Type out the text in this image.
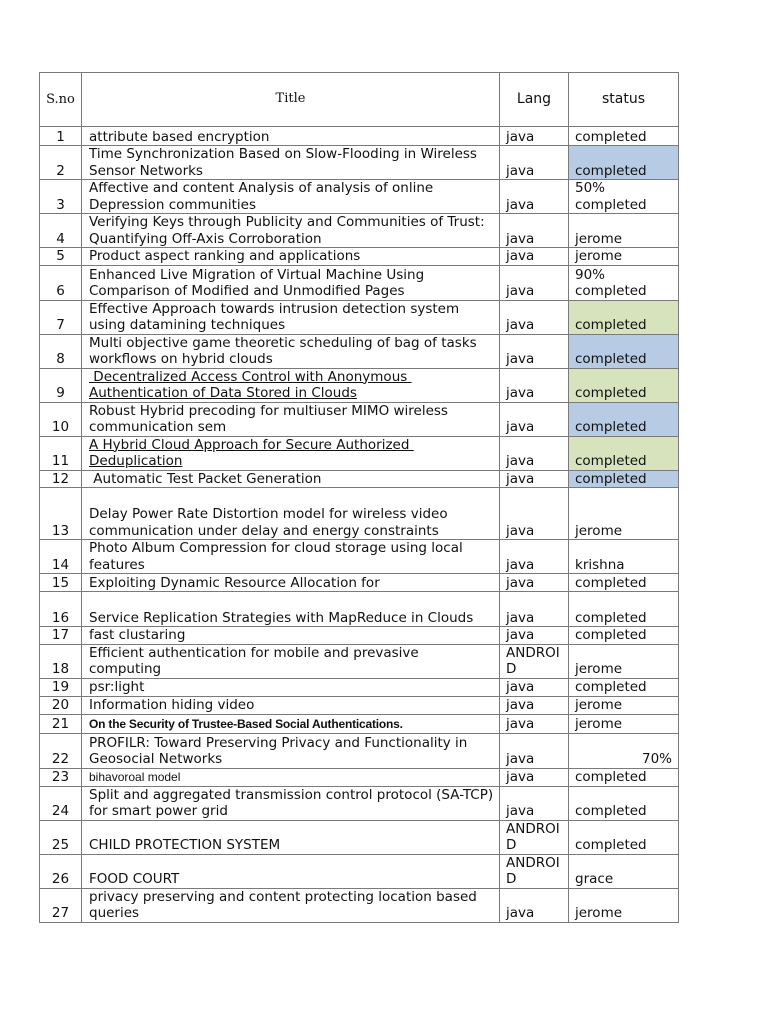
S.no	Title	Lang	status
1	attribute based encryption	java	completed
2	Time Synchronization Based on Slow-Flooding in Wireless Sensor Networks	java	completed
3	Affective and content Analysis of analysis of online Depression communities	java	50% completed
4	Verifying Keys through Publicity and Communities of Trust: Quantifying Off-Axis Corroboration	java	jerome
5	Product aspect ranking and applications	java	jerome
6	Enhanced Live Migration of Virtual Machine Using Comparison of Modified and Unmodified Pages	java	90% completed
7	Effective Approach towards intrusion detection system using datamining techniques	java	completed
8	Multi objective game theoretic scheduling of bag of tasks workflows on hybrid clouds	java	completed
9	Decentralized Access Control with Anonymous Authentication of Data Stored in Clouds	java	completed
10	Robust Hybrid precoding for multiuser MIMO wireless communication sem	java	completed
11	A Hybrid Cloud Approach for Secure Authorized Deduplication	java	completed
12	Automatic Test Packet Generation	java	completed
13	Delay Power Rate Distortion model for wireless video communication under delay and energy constraints	java	jerome
14	Photo Album Compression for cloud storage using local features	java	krishna
15	Exploiting Dynamic Resource Allocation for	java	completed
16	Service Replication Strategies with MapReduce in Clouds	java	completed
17	fast clustaring	java	completed
18	Efficient authentication for mobile and prevasive computing	ANDROID	jerome
19	psr:light	java	completed
20	Information hiding video	java	jerome
21	On the Security of Trustee-Based Social Authentications.	java	jerome
22	PROFILR: Toward Preserving Privacy and Functionality in Geosocial Networks	java	70%
23	bihavoroal model	java	completed
24	Split and aggregated transmission control protocol (SA-TCP) for smart power grid	java	completed
25	CHILD PROTECTION SYSTEM	ANDROID	completed
26	FOOD COURT	ANDROID	grace
27	privacy preserving and content protecting location based queries	java	jerome
